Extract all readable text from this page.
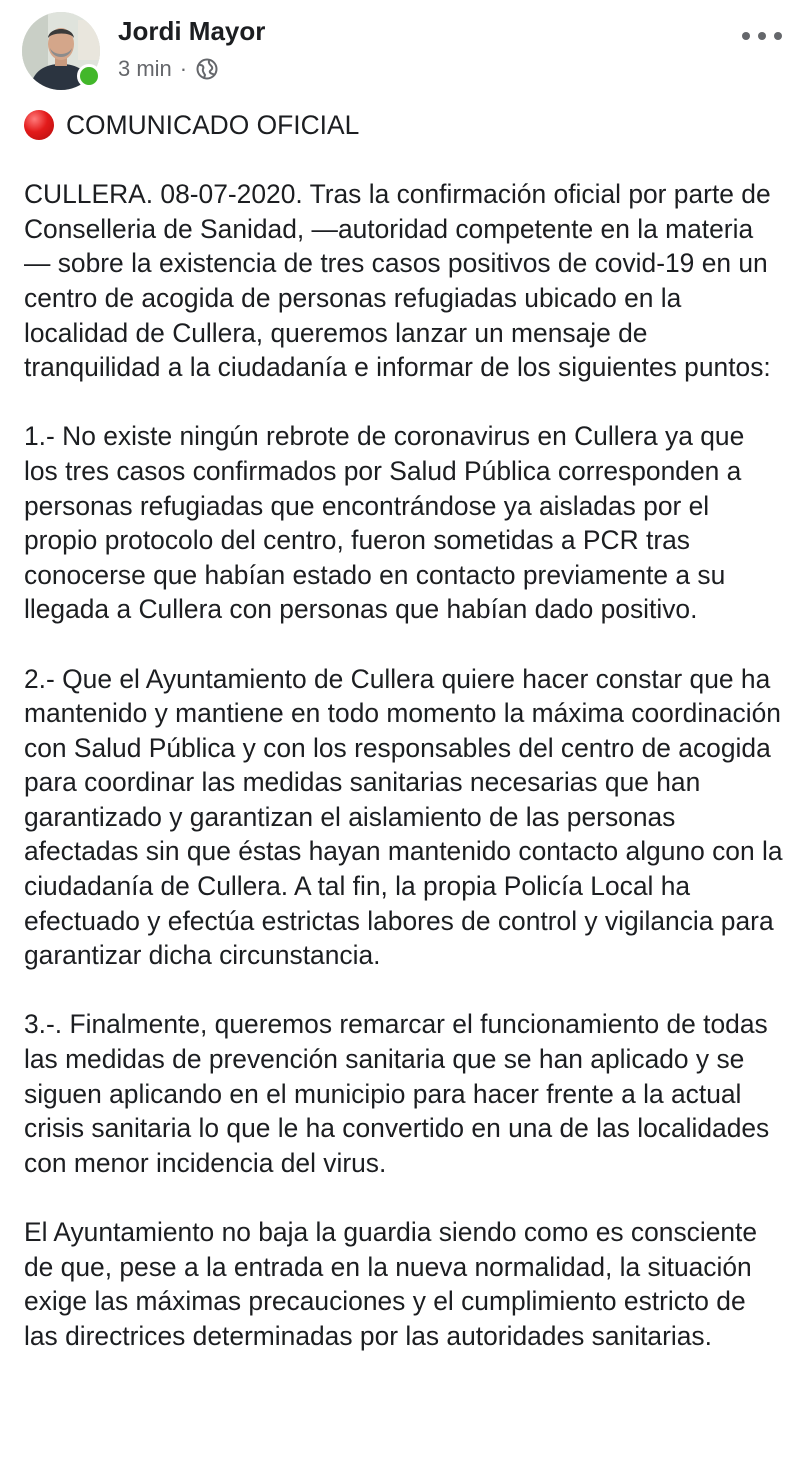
Jordi Mayor
3 min ·

COMUNICADO OFICIAL

CULLERA. 08-07-2020. Tras la confirmación oficial por parte de Conselleria de Sanidad, —autoridad competente en la materia — sobre la existencia de tres casos positivos de covid-19 en un centro de acogida de personas refugiadas ubicado en la localidad de Cullera, queremos lanzar un mensaje de tranquilidad a la ciudadanía e informar de los siguientes puntos:

1.- No existe ningún rebrote de coronavirus en Cullera ya que los tres casos confirmados por Salud Pública corresponden a personas refugiadas que encontrándose ya aisladas por el propio protocolo del centro, fueron sometidas a PCR tras conocerse que habían estado en contacto previamente a su llegada a Cullera con personas que habían dado positivo.

2.- Que el Ayuntamiento de Cullera quiere hacer constar que ha mantenido y mantiene en todo momento la máxima coordinación con Salud Pública y con los responsables del centro de acogida para coordinar las medidas sanitarias necesarias que han garantizado y garantizan el aislamiento de las personas afectadas sin que éstas hayan mantenido contacto alguno con la ciudadanía de Cullera. A tal fin, la propia Policía Local ha efectuado y efectúa estrictas labores de control y vigilancia para garantizar dicha circunstancia.

3.-. Finalmente, queremos remarcar el funcionamiento de todas las medidas de prevención sanitaria que se han aplicado y se siguen aplicando en el municipio para hacer frente a la actual crisis sanitaria lo que le ha convertido en una de las localidades con menor incidencia del virus.

El Ayuntamiento no baja la guardia siendo como es consciente de que, pese a la entrada en la nueva normalidad, la situación exige las máximas precauciones y el cumplimiento estricto de las directrices determinadas por las autoridades sanitarias.
